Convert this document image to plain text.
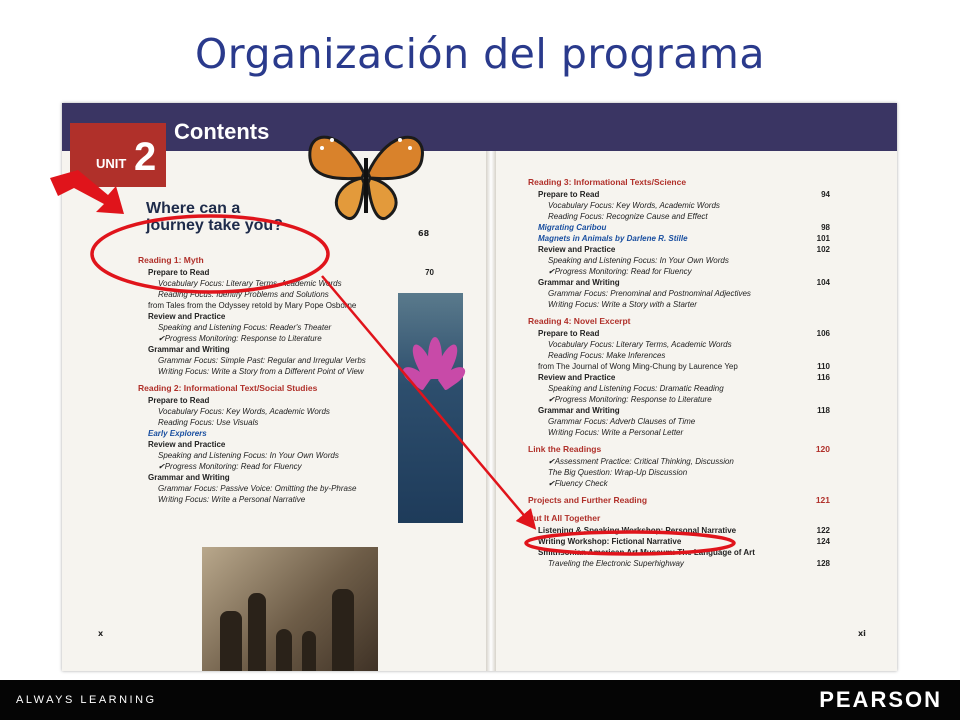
Organización del programa
UNIT 2
Contents
Where can a journey take you?	68
Reading 1: Myth
Prepare to Read	70
Vocabulary Focus: Literary Terms, Academic Words
Reading Focus: Identify Problems and Solutions
from Tales from the Odyssey retold by Mary Pope Osborne
Review and Practice
Speaking and Listening Focus: Reader's Theater
✔Progress Monitoring: Response to Literature
Grammar and Writing
Grammar Focus: Simple Past: Regular and Irregular Verbs
Writing Focus: Write a Story from a Different Point of View
Reading 2: Informational Text/Social Studies
Prepare to Read
Vocabulary Focus: Key Words, Academic Words
Reading Focus: Use Visuals
Early Explorers
Review and Practice
Speaking and Listening Focus: In Your Own Words
✔Progress Monitoring: Read for Fluency
Grammar and Writing
Grammar Focus: Passive Voice: Omitting the by-Phrase
Writing Focus: Write a Personal Narrative
Reading 3: Informational Texts/Science
Prepare to Read	94
Vocabulary Focus: Key Words, Academic Words
Reading Focus: Recognize Cause and Effect
Migrating Caribou	98
Magnets in Animals by Darlene R. Stille	101
Review and Practice	102
Speaking and Listening Focus: In Your Own Words
✔Progress Monitoring: Read for Fluency
Grammar and Writing	104
Grammar Focus: Prenominal and Postnominal Adjectives
Writing Focus: Write a Story with a Starter
Reading 4: Novel Excerpt
Prepare to Read	106
Vocabulary Focus: Literary Terms, Academic Words
Reading Focus: Make Inferences
from The Journal of Wong Ming-Chung by Laurence Yep	110
Review and Practice	116
Speaking and Listening Focus: Dramatic Reading
✔Progress Monitoring: Response to Literature
Grammar and Writing	118
Grammar Focus: Adverb Clauses of Time
Writing Focus: Write a Personal Letter
Link the Readings	120
✔Assessment Practice: Critical Thinking, Discussion
The Big Question: Wrap-Up Discussion
✔Fluency Check
Projects and Further Reading	121
Put It All Together
Listening & Speaking Workshop: Personal Narrative	122
Writing Workshop: Fictional Narrative	124
Smithsonian American Art Museum: The Language of Art
Traveling the Electronic Superhighway	128
x	xi
ALWAYS LEARNING	PEARSON
